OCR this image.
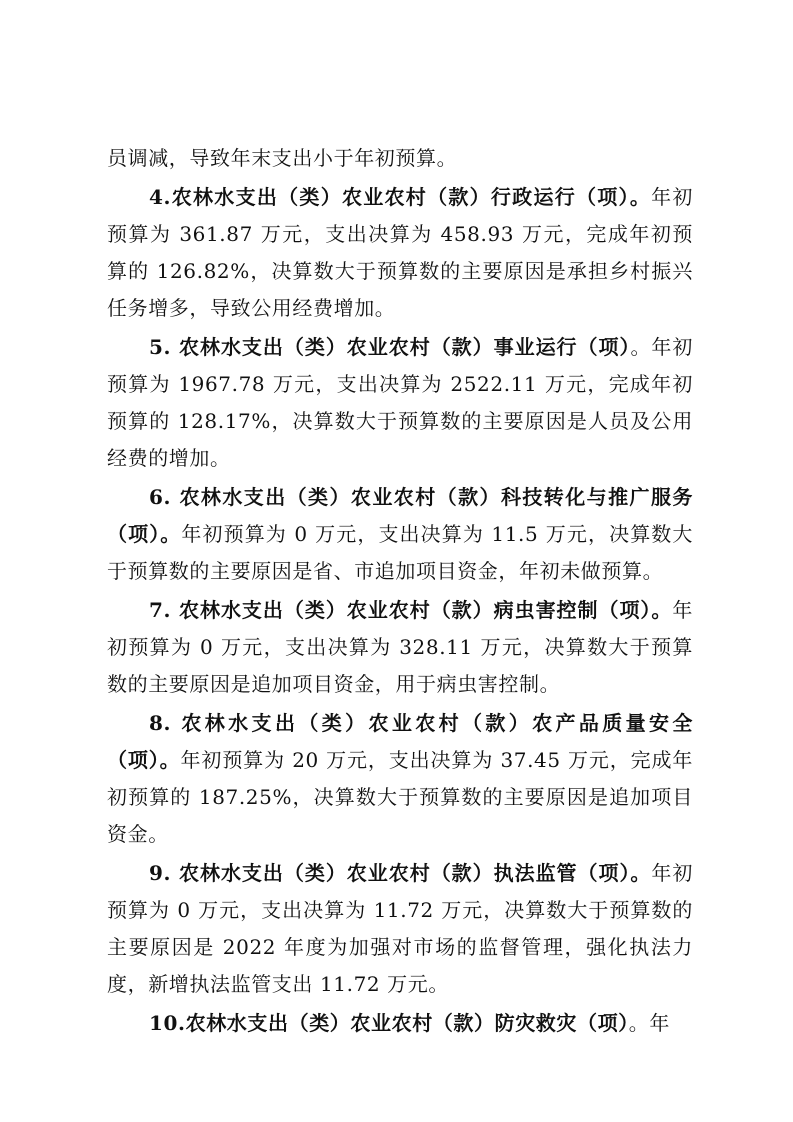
员调减，导致年末支出小于年初预算。

4.农林水支出（类）农业农村（款）行政运行（项）。年初预算为 361.87 万元，支出决算为 458.93 万元，完成年初预算的 126.82%，决算数大于预算数的主要原因是承担乡村振兴任务增多，导致公用经费增加。

5. 农林水支出（类）农业农村（款）事业运行（项）。年初预算为 1967.78 万元，支出决算为 2522.11 万元，完成年初预算的 128.17%，决算数大于预算数的主要原因是人员及公用经费的增加。

6. 农林水支出（类）农业农村（款）科技转化与推广服务（项）。年初预算为 0 万元，支出决算为 11.5 万元，决算数大于预算数的主要原因是省、市追加项目资金，年初未做预算。

7. 农林水支出（类）农业农村（款）病虫害控制（项）。年初预算为 0 万元，支出决算为 328.11 万元，决算数大于预算数的主要原因是追加项目资金，用于病虫害控制。

8. 农林水支出（类）农业农村（款）农产品质量安全（项）。年初预算为 20 万元，支出决算为 37.45 万元，完成年初预算的 187.25%，决算数大于预算数的主要原因是追加项目资金。

9. 农林水支出（类）农业农村（款）执法监管（项）。年初预算为 0 万元，支出决算为 11.72 万元，决算数大于预算数的主要原因是 2022 年度为加强对市场的监督管理，强化执法力度，新增执法监管支出 11.72 万元。

10.农林水支出（类）农业农村（款）防灾救灾（项）。年
